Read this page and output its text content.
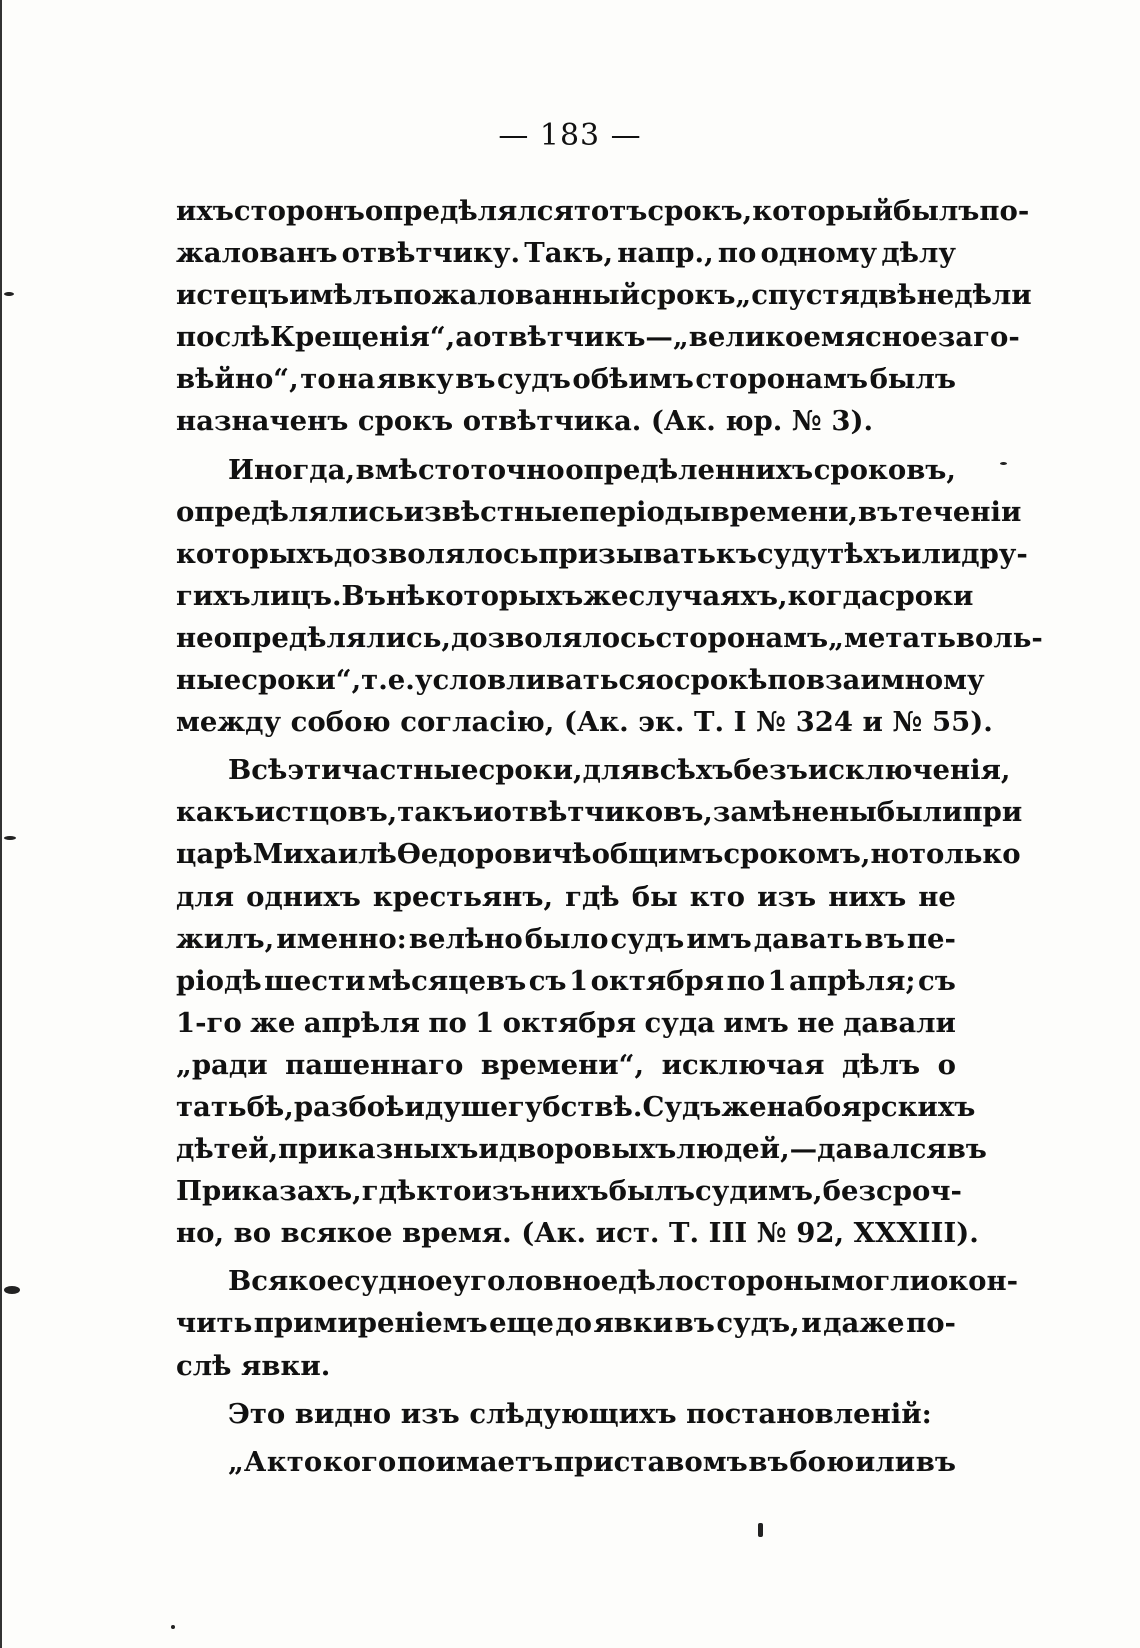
— 183 —
ихъ сторонъ опредѣлялся тотъ срокъ, который былъ по-
жалованъ отвѣтчику. Такъ, напр., по одному дѣлу
истецъ имѣлъ пожалованный срокъ „спустя двѣ недѣли
послѣ Крещенія“, а отвѣтчикъ—„великое мясное заго-
вѣйно“, то на явку въ судъ обѣимъ сторонамъ былъ
назначенъ срокъ отвѣтчика. (Ак. юр. № 3).
Иногда, вмѣсто точно опредѣленнихъ сроковъ,
опредѣлялись извѣстные періоды времени, въ теченіи
которыхъ дозволялось призывать къ суду тѣхъ или дру-
гихъ лицъ. Въ нѣкоторыхъ же случаяхъ, когда сроки
не опредѣлялись, дозволялось сторонамъ „метать воль-
ные сроки“, т. е. условливаться о срокѣ по взаимному
между собою согласію, (Ак. эк. Т. I № 324 и № 55).
Всѣ эти частные сроки, для всѣхъ безъ исключенія,
какъ истцовъ, такъ и отвѣтчиковъ, замѣнены были при
царѣ Михаилѣ Ѳедоровичѣ общимъ срокомъ, но только
для однихъ крестьянъ, гдѣ бы кто изъ нихъ не
жилъ, именно: велѣно было судъ имъ давать въ пе-
ріодѣ шести мѣсяцевъ съ 1 октября по 1 апрѣля; съ
1-го же апрѣля по 1 октября суда имъ не давали
„ради пашеннаго времени“, исключая дѣлъ о
татьбѣ, разбоѣ и душегубствѣ. Судъ же на боярскихъ
дѣтей, приказныхъ и дворовыхъ людей,—давался въ
Приказахъ, гдѣ кто изъ нихъ былъ судимъ, безсроч-
но, во всякое время. (Ак. ист. Т. III № 92, XXXIII).
Всякое судное уголовное дѣло стороны могли окон-
чить примиреніемъ еще до явки въ судъ, и даже по-
слѣ явки.
Это видно изъ слѣдующихъ постановленій:
„А кто кого поимаетъ приставомъ въ бою или въ
